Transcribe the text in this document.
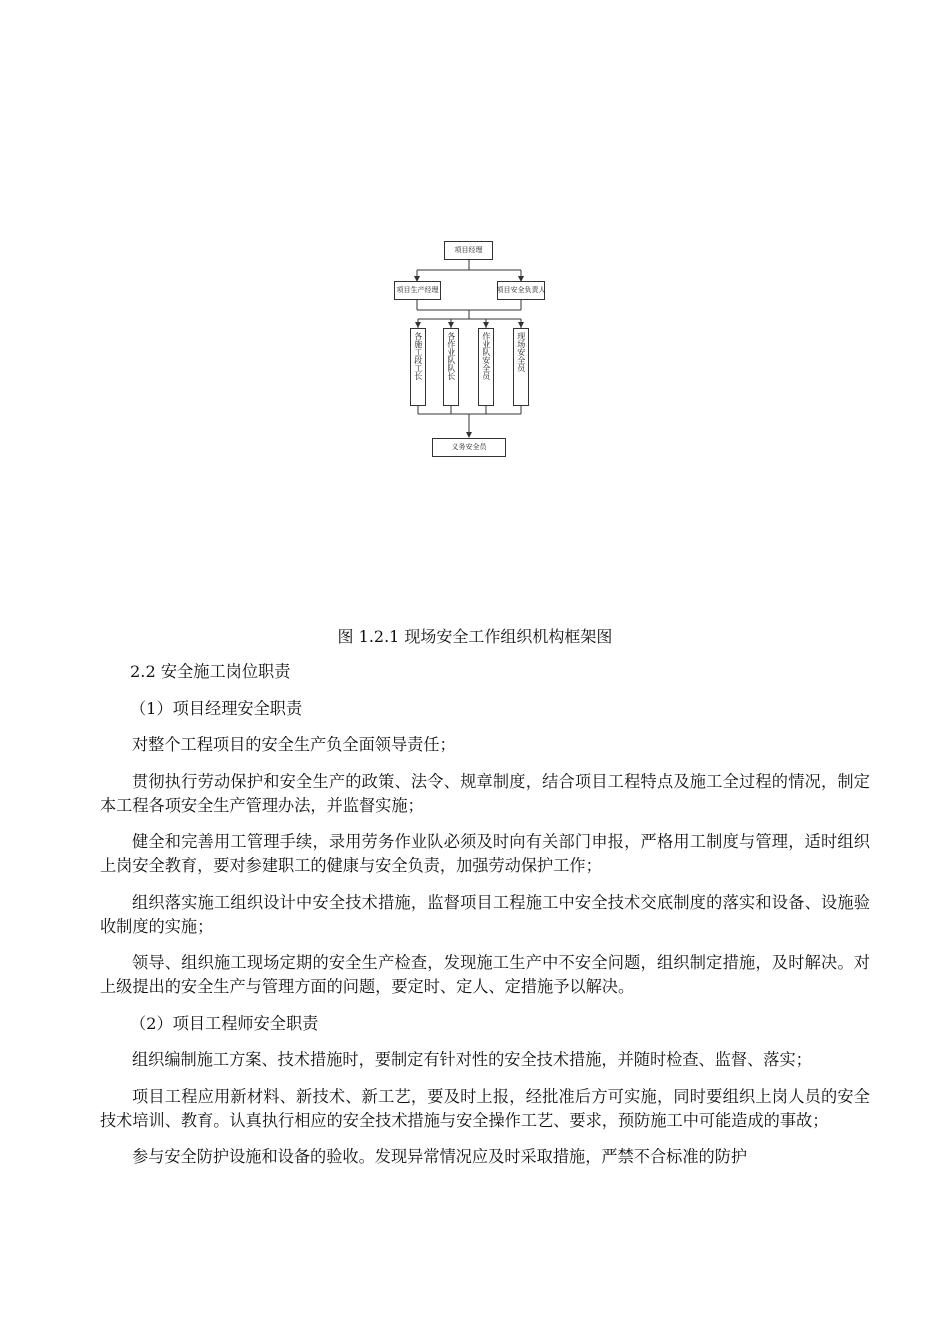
项目经理
项目生产经理	项目安全负责人
各施工段工长	各作业队队长	作业队安全员	现场安全员
义务安全员
图 1.2.1 现场安全工作组织机构框架图

2.2 安全施工岗位职责

（1）项目经理安全职责

对整个工程项目的安全生产负全面领导责任；

贯彻执行劳动保护和安全生产的政策、法令、规章制度，结合项目工程特点及施工全过程的情况，制定本工程各项安全生产管理办法，并监督实施；

健全和完善用工管理手续，录用劳务作业队必须及时向有关部门申报，严格用工制度与管理，适时组织上岗安全教育，要对参建职工的健康与安全负责，加强劳动保护工作；

组织落实施工组织设计中安全技术措施，监督项目工程施工中安全技术交底制度的落实和设备、设施验收制度的实施；

领导、组织施工现场定期的安全生产检查，发现施工生产中不安全问题，组织制定措施，及时解决。对上级提出的安全生产与管理方面的问题，要定时、定人、定措施予以解决。

（2）项目工程师安全职责

组织编制施工方案、技术措施时，要制定有针对性的安全技术措施，并随时检查、监督、落实；

项目工程应用新材料、新技术、新工艺，要及时上报，经批准后方可实施，同时要组织上岗人员的安全技术培训、教育。认真执行相应的安全技术措施与安全操作工艺、要求，预防施工中可能造成的事故；

参与安全防护设施和设备的验收。发现异常情况应及时采取措施，严禁不合标准的防护
